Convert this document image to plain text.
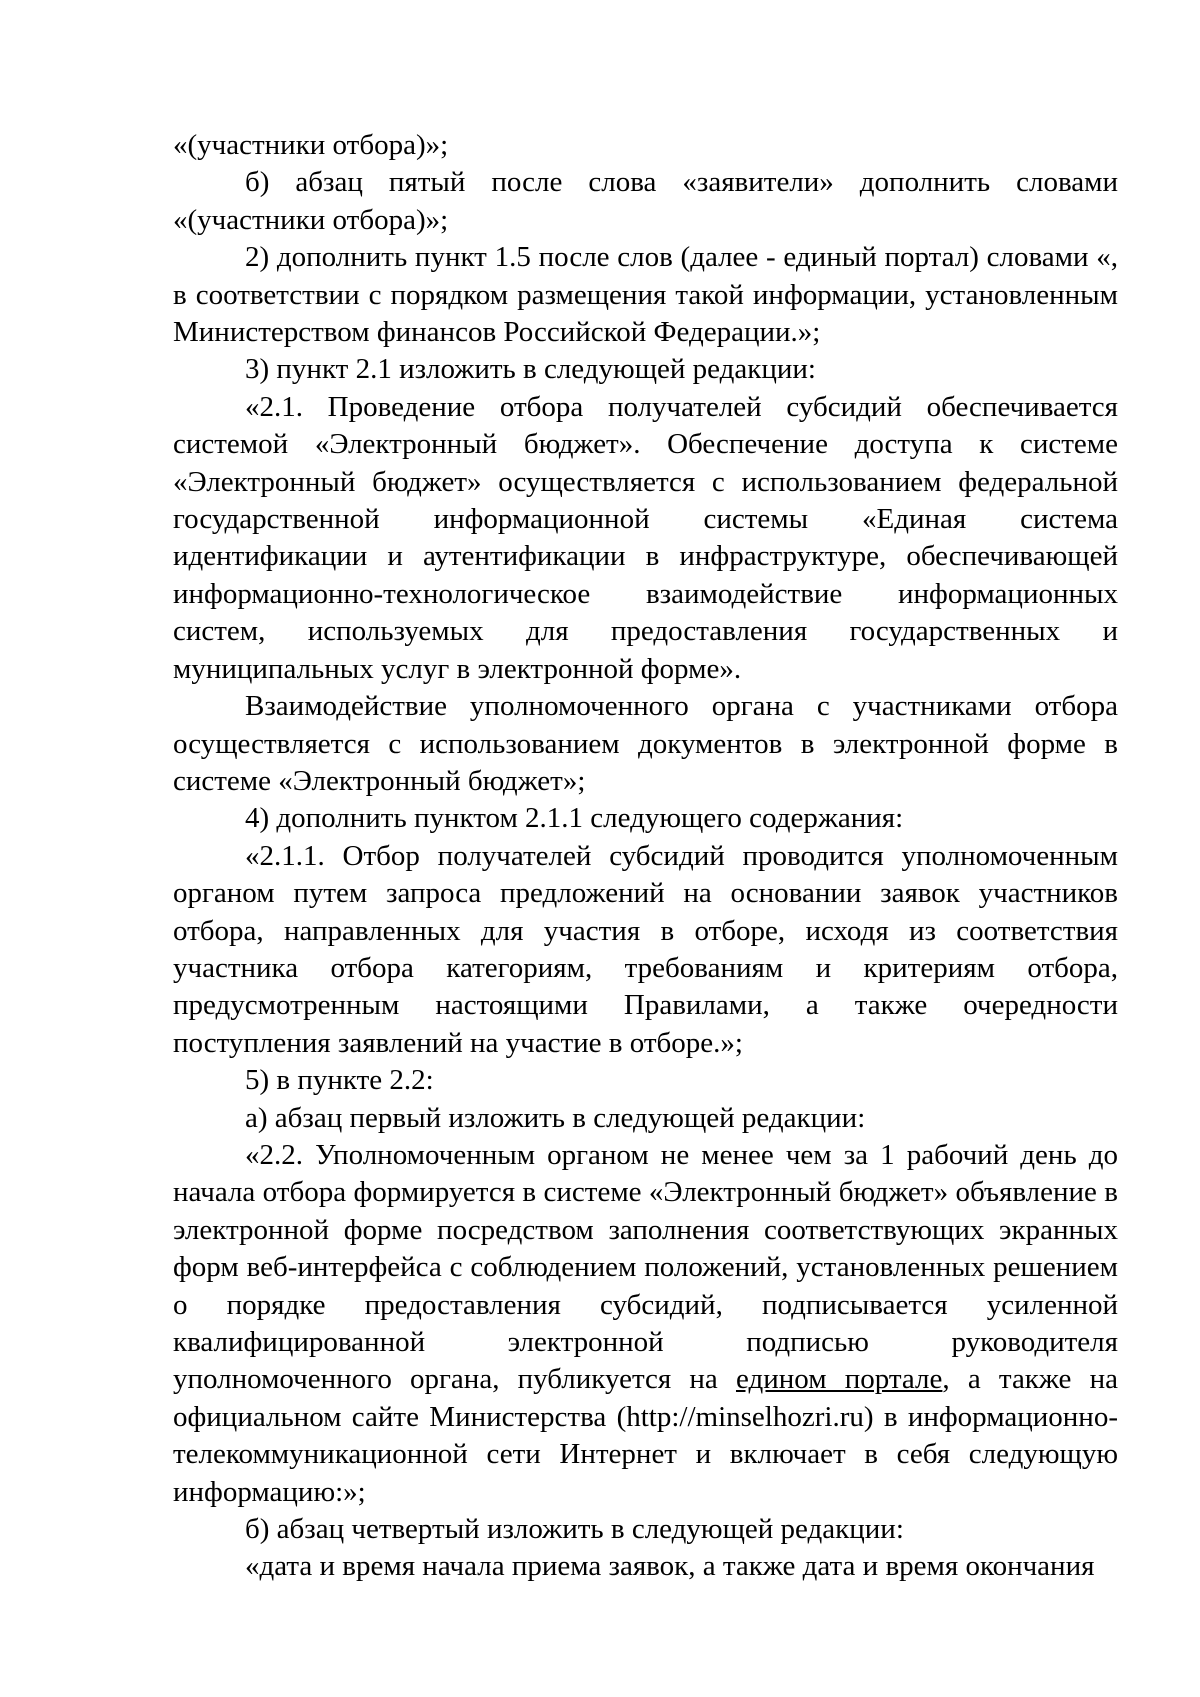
«(участники отбора)»;

б) абзац пятый после слова «заявители» дополнить словами «(участники отбора)»;

2) дополнить пункт 1.5 после слов (далее - единый портал) словами «, в соответствии с порядком размещения такой информации, установленным Министерством финансов Российской Федерации.»;

3) пункт 2.1 изложить в следующей редакции:

«2.1. Проведение отбора получателей субсидий обеспечивается системой «Электронный бюджет». Обеспечение доступа к системе «Электронный бюджет» осуществляется с использованием федеральной государственной информационной системы «Единая система идентификации и аутентификации в инфраструктуре, обеспечивающей информационно-технологическое взаимодействие информационных систем, используемых для предоставления государственных и муниципальных услуг в электронной форме».

Взаимодействие уполномоченного органа с участниками отбора осуществляется с использованием документов в электронной форме в системе «Электронный бюджет»;

4) дополнить пунктом 2.1.1 следующего содержания:

«2.1.1. Отбор получателей субсидий проводится уполномоченным органом путем запроса предложений на основании заявок участников отбора, направленных для участия в отборе, исходя из соответствия участника отбора категориям, требованиям и критериям отбора, предусмотренным настоящими Правилами, а также очередности поступления заявлений на участие в отборе.»;

5) в пункте 2.2:

а) абзац первый изложить в следующей редакции:

«2.2. Уполномоченным органом не менее чем за 1 рабочий день до начала отбора формируется в системе «Электронный бюджет» объявление в электронной форме посредством заполнения соответствующих экранных форм веб-интерфейса с соблюдением положений, установленных решением о порядке предоставления субсидий, подписывается усиленной квалифицированной электронной подписью руководителя уполномоченного органа, публикуется на едином портале, а также на официальном сайте Министерства (http://minselhozri.ru) в информационно-телекоммуникационной сети Интернет и включает в себя следующую информацию:»;

б) абзац четвертый изложить в следующей редакции:

«дата и время начала приема заявок, а также дата и время окончания
